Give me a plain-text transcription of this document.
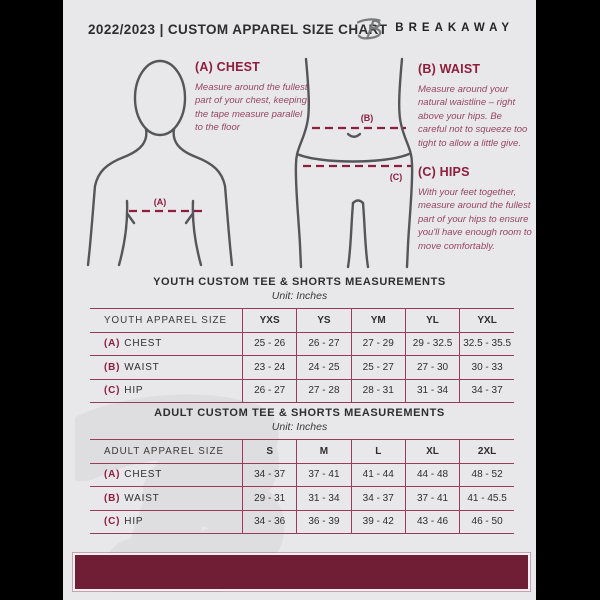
2022/2023 | CUSTOM APPAREL SIZE CHART BREAKAWAY
(A)
(B)
(C)

(A) CHEST

Measure around the fullest part of your chest, keeping the tape measure parallel to the floor

(B) WAIST

Measure around your natural waistline – right above your hips. Be careful not to squeeze too tight to allow a little give.

(C) HIPS

With your feet together, measure around the fullest part of your hips to ensure you'll have enough room to move comfortably.

YOUTH CUSTOM TEE & SHORTS MEASUREMENTS
Unit: Inches
YOUTH APPAREL SIZE	YXS	YS	YM	YL	YXL
(A) CHEST	25 - 26	26 - 27	27 - 29	29 - 32.5	32.5 - 35.5
(B) WAIST	23 - 24	24 - 25	25 - 27	27 - 30	30 - 33
(C) HIP	26 - 27	27 - 28	28 - 31	31 - 34	34 - 37
ADULT CUSTOM TEE & SHORTS MEASUREMENTS
Unit: Inches
ADULT APPAREL SIZE	S	M	L	XL	2XL
(A) CHEST	34 - 37	37 - 41	41 - 44	44 - 48	48 - 52
(B) WAIST	29 - 31	31 - 34	34 - 37	37 - 41	41 - 45.5
(C) HIP	34 - 36	36 - 39	39 - 42	43 - 46	46 - 50
